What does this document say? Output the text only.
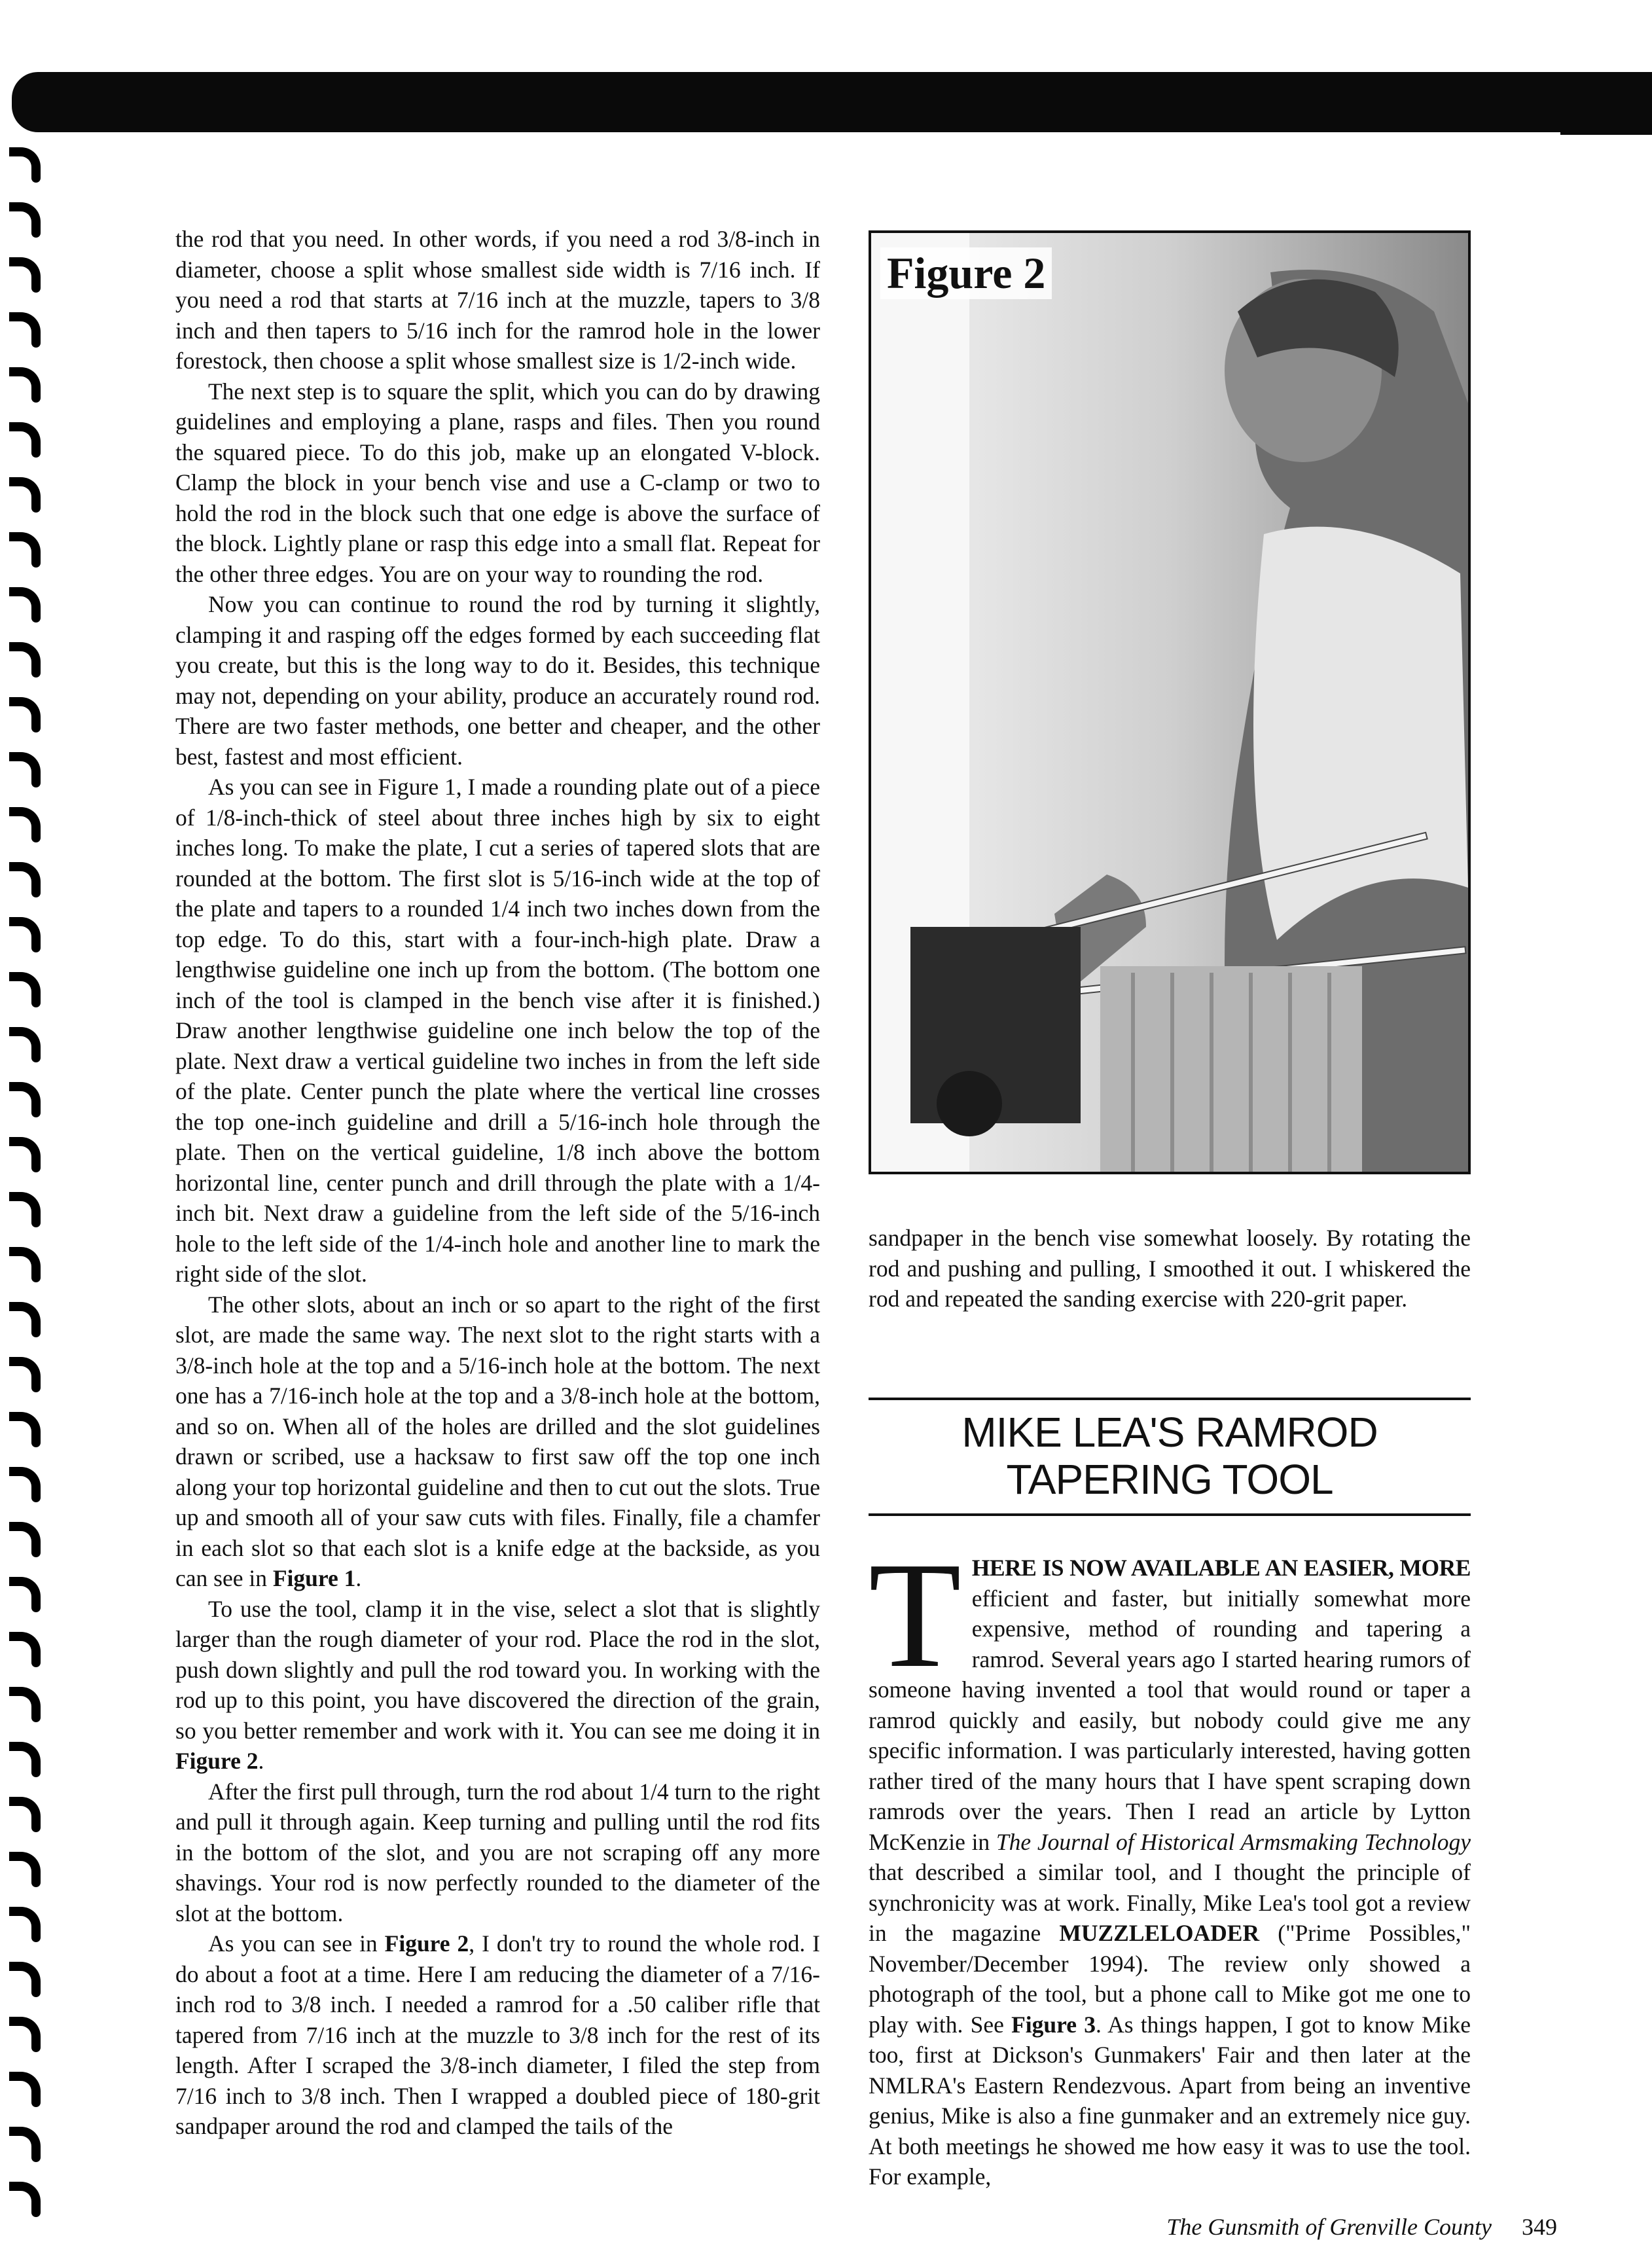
the rod that you need. In other words, if you need a rod 3/8-inch in diameter, choose a split whose smallest side width is 7/16 inch. If you need a rod that starts at 7/16 inch at the muzzle, tapers to 3/8 inch and then tapers to 5/16 inch for the ramrod hole in the lower forestock, then choose a split whose smallest size is 1/2-inch wide.

The next step is to square the split, which you can do by drawing guidelines and employing a plane, rasps and files. Then you round the squared piece. To do this job, make up an elongated V-block. Clamp the block in your bench vise and use a C-clamp or two to hold the rod in the block such that one edge is above the surface of the block. Lightly plane or rasp this edge into a small flat. Repeat for the other three edges. You are on your way to rounding the rod.

Now you can continue to round the rod by turning it slightly, clamping it and rasping off the edges formed by each succeeding flat you create, but this is the long way to do it. Besides, this technique may not, depending on your ability, produce an accurately round rod. There are two faster methods, one better and cheaper, and the other best, fastest and most efficient.

As you can see in Figure 1, I made a rounding plate out of a piece of 1/8-inch-thick of steel about three inches high by six to eight inches long. To make the plate, I cut a series of tapered slots that are rounded at the bottom. The first slot is 5/16-inch wide at the top of the plate and tapers to a rounded 1/4 inch two inches down from the top edge. To do this, start with a four-inch-high plate. Draw a lengthwise guideline one inch up from the bottom. (The bottom one inch of the tool is clamped in the bench vise after it is finished.) Draw another lengthwise guideline one inch below the top of the plate. Next draw a vertical guideline two inches in from the left side of the plate. Center punch the plate where the vertical line crosses the top one-inch guideline and drill a 5/16-inch hole through the plate. Then on the vertical guideline, 1/8 inch above the bottom horizontal line, center punch and drill through the plate with a 1/4-inch bit. Next draw a guideline from the left side of the 5/16-inch hole to the left side of the 1/4-inch hole and another line to mark the right side of the slot.

The other slots, about an inch or so apart to the right of the first slot, are made the same way. The next slot to the right starts with a 3/8-inch hole at the top and a 5/16-inch hole at the bottom. The next one has a 7/16-inch hole at the top and a 3/8-inch hole at the bottom, and so on. When all of the holes are drilled and the slot guidelines drawn or scribed, use a hacksaw to first saw off the top one inch along your top horizontal guideline and then to cut out the slots. True up and smooth all of your saw cuts with files. Finally, file a chamfer in each slot so that each slot is a knife edge at the backside, as you can see in Figure 1.

To use the tool, clamp it in the vise, select a slot that is slightly larger than the rough diameter of your rod. Place the rod in the slot, push down slightly and pull the rod toward you. In working with the rod up to this point, you have discovered the direction of the grain, so you better remember and work with it. You can see me doing it in Figure 2.

After the first pull through, turn the rod about 1/4 turn to the right and pull it through again. Keep turning and pulling until the rod fits in the bottom of the slot, and you are not scraping off any more shavings. Your rod is now perfectly rounded to the diameter of the slot at the bottom.

As you can see in Figure 2, I don't try to round the whole rod. I do about a foot at a time. Here I am reducing the diameter of a 7/16-inch rod to 3/8 inch. I needed a ramrod for a .50 caliber rifle that tapered from 7/16 inch at the muzzle to 3/8 inch for the rest of its length. After I scraped the 3/8-inch diameter, I filed the step from 7/16 inch to 3/8 inch. Then I wrapped a doubled piece of 180-grit sandpaper around the rod and clamped the tails of the

Figure 2

sandpaper in the bench vise somewhat loosely. By rotating the rod and pushing and pulling, I smoothed it out. I whiskered the rod and repeated the sanding exercise with 220-grit paper.

MIKE LEA'S RAMROD
TAPERING TOOL

T HERE IS NOW AVAILABLE AN EASIER, MORE efficient and faster, but initially somewhat more expensive, method of rounding and tapering a ramrod. Several years ago I started hearing rumors of someone having invented a tool that would round or taper a ramrod quickly and easily, but nobody could give me any specific information. I was particularly interested, having gotten rather tired of the many hours that I have spent scraping down ramrods over the years. Then I read an article by Lytton McKenzie in The Journal of Historical Armsmaking Technology that described a similar tool, and I thought the principle of synchronicity was at work. Finally, Mike Lea's tool got a review in the magazine MUZZLELOADER ("Prime Possibles," November/December 1994). The review only showed a photograph of the tool, but a phone call to Mike got me one to play with. See Figure 3. As things happen, I got to know Mike too, first at Dickson's Gunmakers' Fair and then later at the NMLRA's Eastern Rendezvous. Apart from being an inventive genius, Mike is also a fine gunmaker and an extremely nice guy. At both meetings he showed me how easy it was to use the tool. For example,

The Gunsmith of Grenville County 349
